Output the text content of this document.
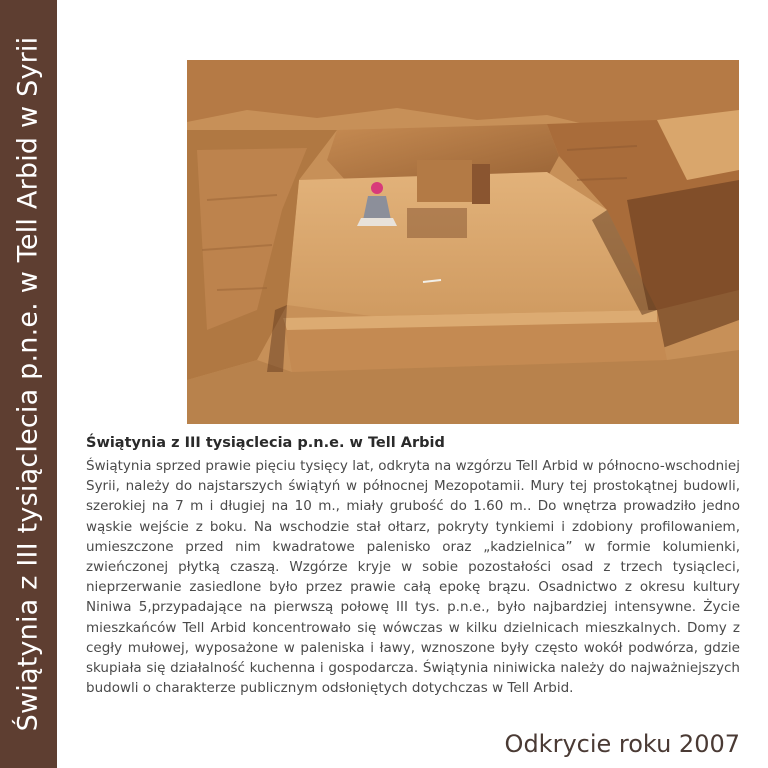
Świątynia z III tysiąclecia p.n.e. w Tell Arbid w Syrii	Świątynia z III tysiąclecia p.n.e. w Tell Arbid

Świątynia sprzed prawie pięciu tysięcy lat, odkryta na wzgórzu Tell Arbid w północno-wschodniej Syrii, należy do najstarszych świątyń w północnej Mezopotamii. Mury tej prostokątnej budowli, szerokiej na 7 m i długiej na 10 m., miały grubość do 1.60 m.. Do wnętrza prowadziło jedno wąskie wejście z boku. Na wschodzie stał ołtarz, pokryty tynkiemi i zdobiony profilowaniem, umieszczone przed nim kwadratowe palenisko oraz „kadzielnica” w formie kolumienki, zwieńczonej płytką czaszą. Wzgórze kryje w sobie pozostałości osad z trzech tysiącleci, nieprzerwanie zasiedlone było przez prawie całą epokę brązu. Osadnictwo z okresu kultury Niniwa 5,przypadające na pierwszą połowę III tys. p.n.e., było najbardziej intensywne. Życie mieszkańców Tell Arbid koncentrowało się wówczas w kilku dzielnicach mieszkalnych. Domy z cegły mułowej, wyposażone w paleniska i ławy, wznoszone były często wokół podwórza, gdzie skupiała się działalność kuchenna i gospodarcza. Świątynia niniwicka należy do najważniejszych budowli o charakterze publicznym odsłoniętych dotychczas w Tell Arbid.

Odkrycie roku 2007
